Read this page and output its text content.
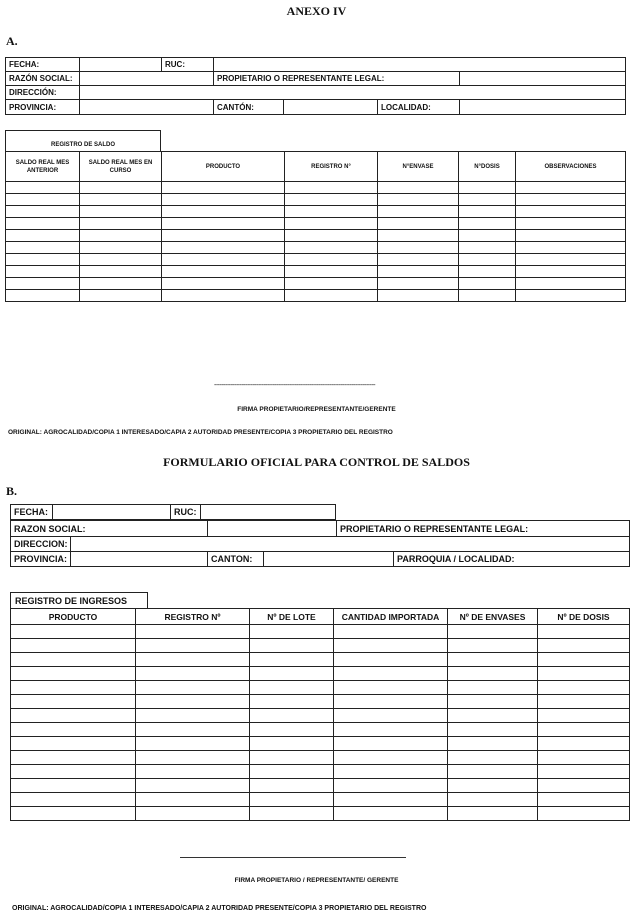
ANEXO IV
A.
FECHA:		RUC:				
RAZÓN SOCIAL:			PROPIETARIO O REPRESENTANTE LEGAL:			
DIRECCIÓN:						
PROVINCIA:			CANTÓN:		LOCALIDAD:	
REGISTRO DE SALDO
SALDO REAL MES ANTERIOR	SALDO REAL MES EN CURSO	PRODUCTO	REGISTRO N°	N°ENVASE	N°DOSIS	OBSERVACIONES

----------------------------------------------------------------------------------------
FIRMA PROPIETARIO/REPRESENTANTE/GERENTE
ORIGINAL: AGROCALIDAD/COPIA 1 INTERESADO/CAPIA 2 AUTORIDAD PRESENTE/COPIA 3 PROPIETARIO DEL REGISTRO
FORMULARIO OFICIAL PARA CONTROL DE SALDOS
B.
FECHA:		RUC:	
RAZON SOCIAL:				PROPIETARIO O REPRESENTANTE LEGAL:	
DIRECCION:					
PROVINCIA:		CANTON:			PARROQUIA / LOCALIDAD:
REGISTRO DE INGRESOS
PRODUCTO	REGISTRO Nº	Nº DE LOTE	CANTIDAD IMPORTADA	Nº DE ENVASES	Nº DE DOSIS

FIRMA PROPIETARIO / REPRESENTANTE/ GERENTE
ORIGINAL: AGROCALIDAD/COPIA 1 INTERESADO/CAPIA 2 AUTORIDAD PRESENTE/COPIA 3 PROPIETARIO DEL REGISTRO
